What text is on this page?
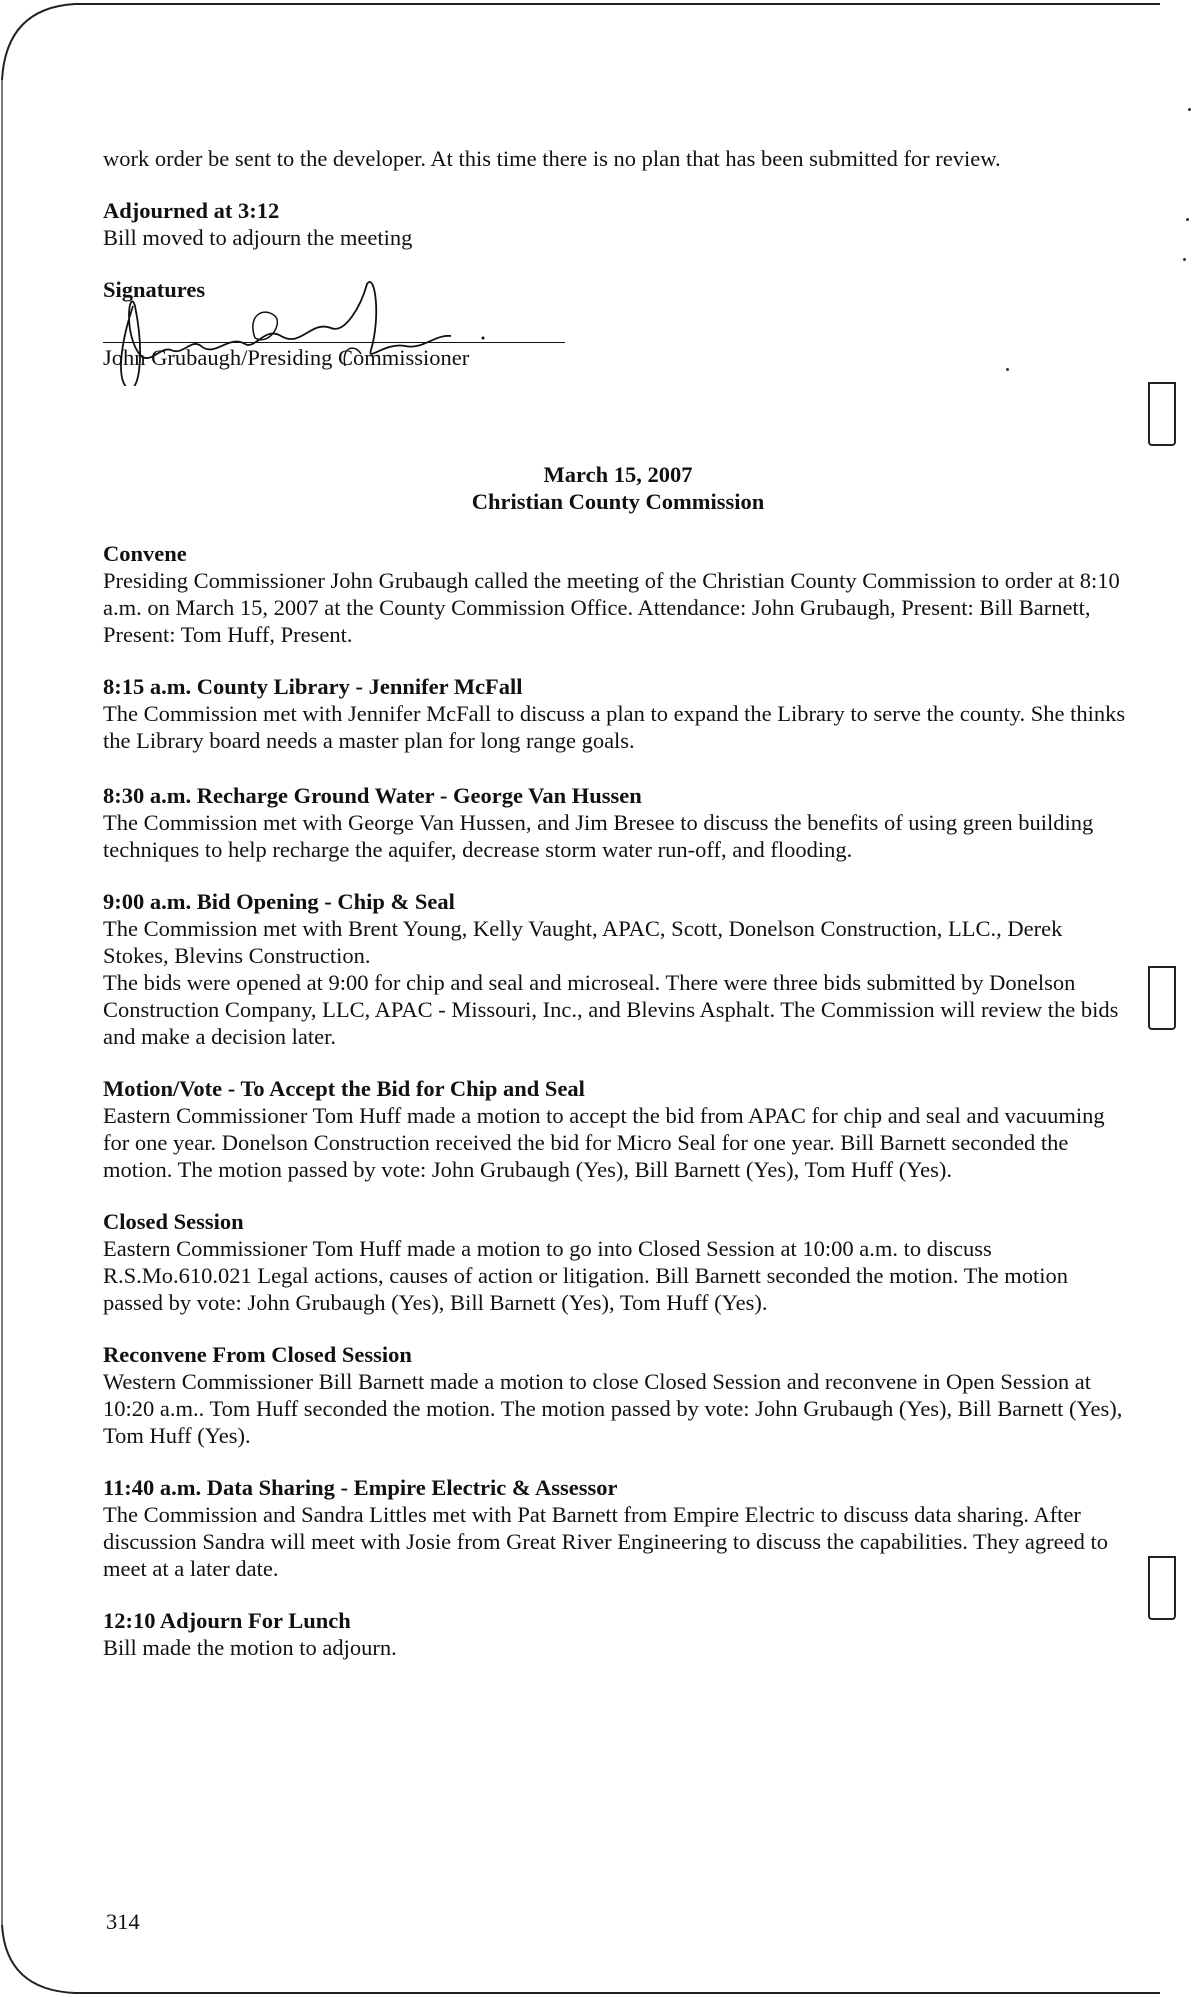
work order be sent to the developer. At this time there is no plan that has been submitted for review.

Adjourned at 3:12

Bill moved to adjourn the meeting

Signatures
John Grubaugh/Presiding Commissioner

March 15, 2007

Christian County Commission

Convene

Presiding Commissioner John Grubaugh called the meeting of the Christian County Commission to order at 8:10 a.m. on March 15, 2007 at the County Commission Office. Attendance: John Grubaugh, Present: Bill Barnett, Present: Tom Huff, Present.

8:15 a.m. County Library - Jennifer McFall

The Commission met with Jennifer McFall to discuss a plan to expand the Library to serve the county. She thinks the Library board needs a master plan for long range goals.

8:30 a.m. Recharge Ground Water - George Van Hussen

The Commission met with George Van Hussen, and Jim Bresee to discuss the benefits of using green building techniques to help recharge the aquifer, decrease storm water run-off, and flooding.

9:00 a.m. Bid Opening - Chip & Seal

The Commission met with Brent Young, Kelly Vaught, APAC, Scott, Donelson Construction, LLC., Derek Stokes, Blevins Construction.

The bids were opened at 9:00 for chip and seal and microseal. There were three bids submitted by Donelson Construction Company, LLC, APAC - Missouri, Inc., and Blevins Asphalt. The Commission will review the bids and make a decision later.

Motion/Vote - To Accept the Bid for Chip and Seal

Eastern Commissioner Tom Huff made a motion to accept the bid from APAC for chip and seal and vacuuming for one year. Donelson Construction received the bid for Micro Seal for one year. Bill Barnett seconded the motion. The motion passed by vote: John Grubaugh (Yes), Bill Barnett (Yes), Tom Huff (Yes).

Closed Session

Eastern Commissioner Tom Huff made a motion to go into Closed Session at 10:00 a.m. to discuss R.S.Mo.610.021 Legal actions, causes of action or litigation. Bill Barnett seconded the motion. The motion passed by vote: John Grubaugh (Yes), Bill Barnett (Yes), Tom Huff (Yes).

Reconvene From Closed Session

Western Commissioner Bill Barnett made a motion to close Closed Session and reconvene in Open Session at 10:20 a.m.. Tom Huff seconded the motion. The motion passed by vote: John Grubaugh (Yes), Bill Barnett (Yes), Tom Huff (Yes).

11:40 a.m. Data Sharing - Empire Electric & Assessor

The Commission and Sandra Littles met with Pat Barnett from Empire Electric to discuss data sharing. After discussion Sandra will meet with Josie from Great River Engineering to discuss the capabilities. They agreed to meet at a later date.

12:10 Adjourn For Lunch

Bill made the motion to adjourn.

314
